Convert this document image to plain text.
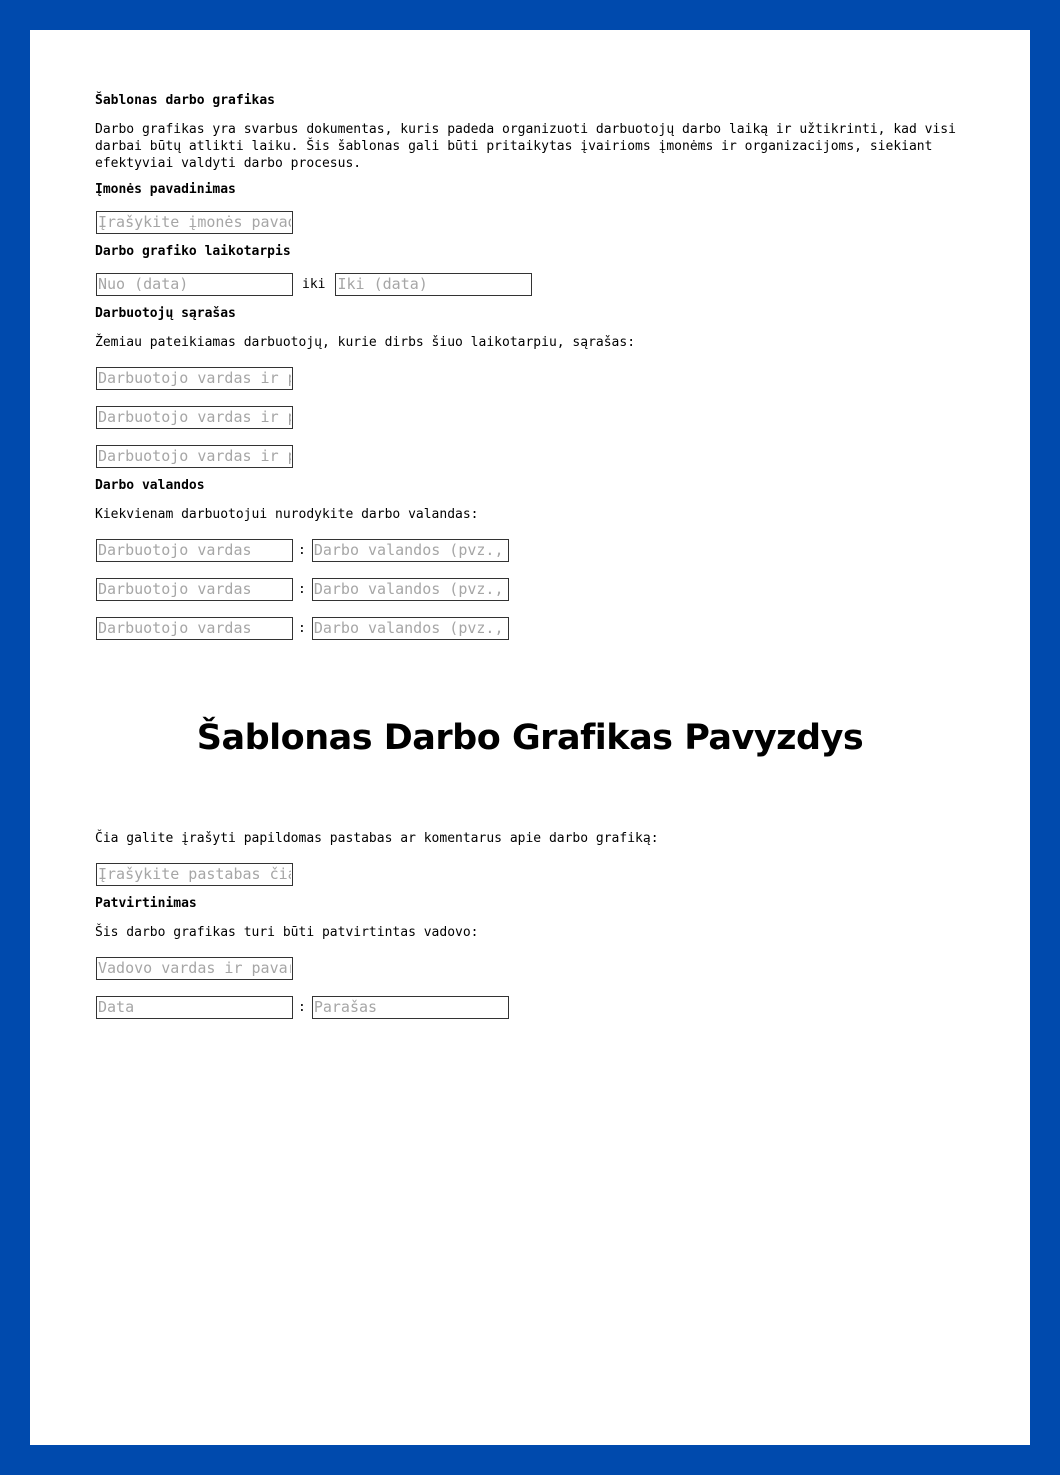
Šablonas darbo grafikas

Darbo grafikas yra svarbus dokumentas, kuris padeda organizuoti darbuotojų darbo laiką ir užtikrinti, kad visi darbai būtų atlikti laiku. Šis šablonas gali būti pritaikytas įvairioms įmonėms ir organizacijoms, siekiant efektyviai valdyti darbo procesus.

Įmonės pavadinimas
Įrašykite įmonės pavadinimą
Darbo grafiko laikotarpis
Nuo (data)
iki
Iki (data)
Darbuotojų sąrašas

Žemiau pateikiamas darbuotojų, kurie dirbs šiuo laikotarpiu, sąrašas:

Darbuotojo vardas ir pavardė
Darbuotojo vardas ir pavardė
Darbuotojo vardas ir pavardė
Darbo valandos

Kiekvienam darbuotojui nurodykite darbo valandas:

Darbuotojo vardas
:
Darbo valandos (pvz., 9:00-17:00)
Darbuotojo vardas
:
Darbo valandos (pvz., 9:00-17:00)
Darbuotojo vardas
:
Darbo valandos (pvz., 9:00-17:00)
Šablonas Darbo Grafikas Pavyzdys

Čia galite įrašyti papildomas pastabas ar komentarus apie darbo grafiką:

Įrašykite pastabas čia
Patvirtinimas

Šis darbo grafikas turi būti patvirtintas vadovo:

Vadovo vardas ir pavardė
Data
:
Parašas
